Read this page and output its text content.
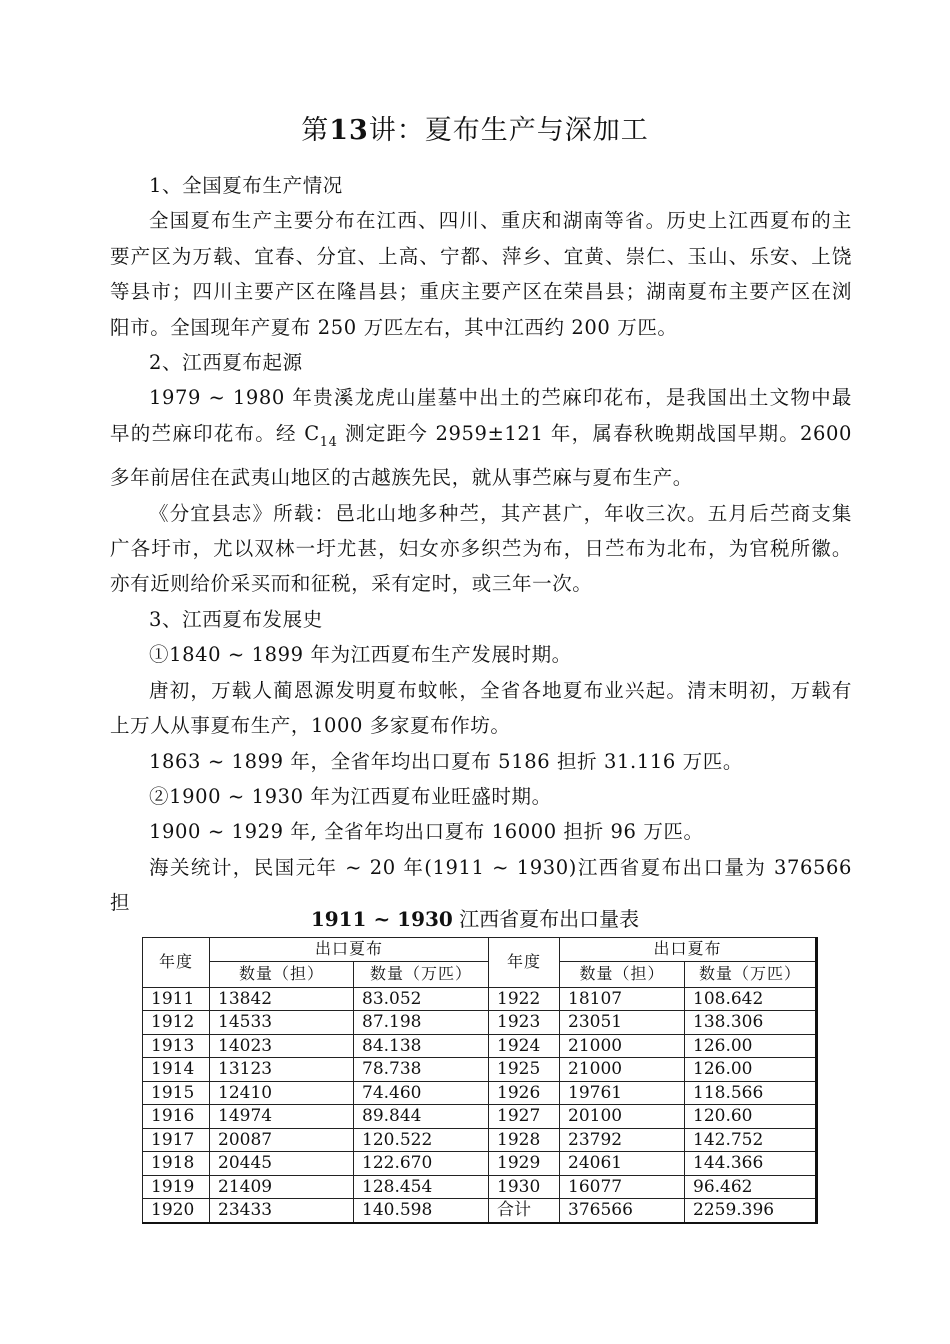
第13讲：夏布生产与深加工

1、全国夏布生产情况

全国夏布生产主要分布在江西、四川、重庆和湖南等省。历史上江西夏布的主要产区为万载、宜春、分宜、上高、宁都、萍乡、宜黄、崇仁、玉山、乐安、上饶等县市；四川主要产区在隆昌县；重庆主要产区在荣昌县；湖南夏布主要产区在浏阳市。全国现年产夏布 250 万匹左右，其中江西约 200 万匹。

2、江西夏布起源

1979 ~ 1980 年贵溪龙虎山崖墓中出土的苎麻印花布，是我国出土文物中最早的苎麻印花布。经 $C_{14}$ 测定距今 2959±121 年，属春秋晚期战国早期。2600 多年前居住在武夷山地区的古越族先民，就从事苎麻与夏布生产。

《分宜县志》所载：邑北山地多种苎，其产甚广，年收三次。五月后苎商支集广各圩市，尤以双林一圩尤甚，妇女亦多织苎为布，日苎布为北布，为官税所徽。亦有近则给价采买而和征税，采有定时，或三年一次。

3、江西夏布发展史

①1840 ~ 1899 年为江西夏布生产发展时期。

唐初，万载人蔺恩源发明夏布蚊帐，全省各地夏布业兴起。清末明初，万载有上万人从事夏布生产，1000 多家夏布作坊。

1863 ~ 1899 年，全省年均出口夏布 5186 担折 31.116 万匹。

②1900 ~ 1930 年为江西夏布业旺盛时期。

1900 ~ 1929 年, 全省年均出口夏布 16000 担折 96 万匹。

海关统计，民国元年 ~ 20 年(1911 ~ 1930)江西省夏布出口量为 376566 担

1911 ~ 1930 江西省夏布出口量表
年度	出口夏布		年度	出口夏布	
	数量（担）	数量（万匹）		数量（担）	数量（万匹）
1911	13842	83.052	1922	18107	108.642
1912	14533	87.198	1923	23051	138.306
1913	14023	84.138	1924	21000	126.00
1914	13123	78.738	1925	21000	126.00
1915	12410	74.460	1926	19761	118.566
1916	14974	89.844	1927	20100	120.60
1917	20087	120.522	1928	23792	142.752
1918	20445	122.670	1929	24061	144.366
1919	21409	128.454	1930	16077	96.462
1920	23433	140.598	合计	376566	2259.396
